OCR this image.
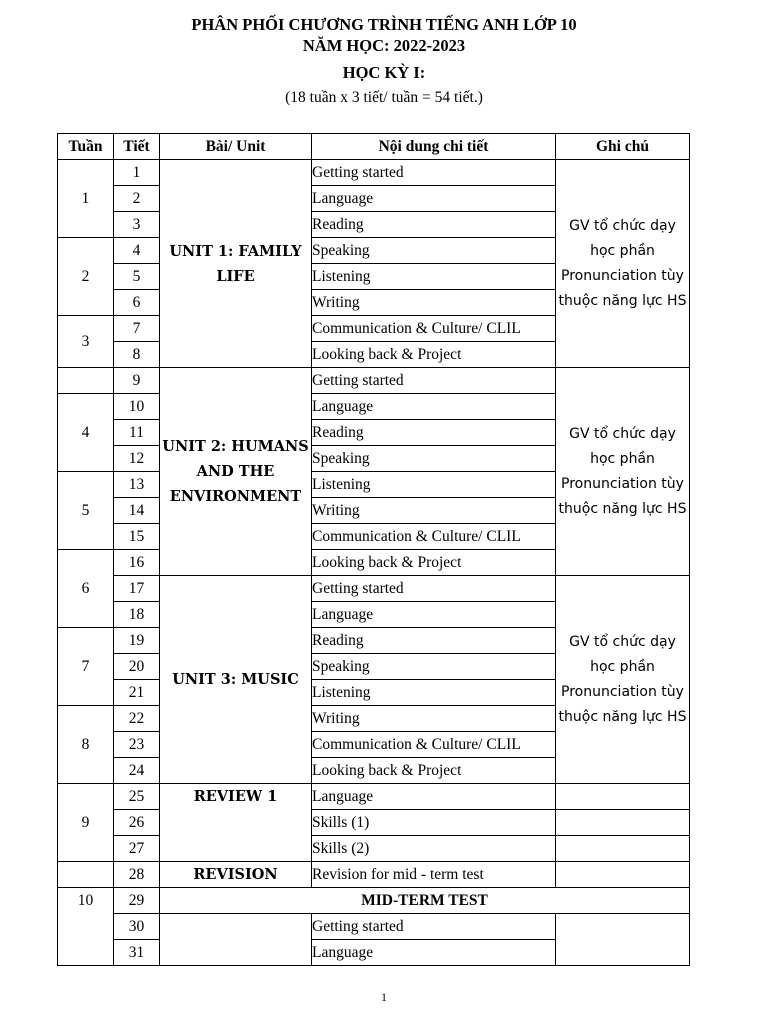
PHÂN PHỐI CHƯƠNG TRÌNH TIẾNG ANH LỚP 10
NĂM HỌC: 2022-2023
HỌC KỲ I:
(18 tuần x 3 tiết/ tuần = 54 tiết.)
Tuần	Tiết	Bài/ Unit	Nội dung chi tiết	Ghi chú
1	1	UNIT 1: FAMILY LIFE	Getting started	GV tổ chức dạy học phần Pronunciation tùy thuộc năng lực HS
	2		Language	
	3		Reading	
2	4		Speaking	
	5		Listening	
	6		Writing	
3	7		Communication & Culture/ CLIL	
	8		Looking back & Project	
	9	UNIT 2: HUMANS AND THE ENVIRONMENT	Getting started	GV tổ chức dạy học phần Pronunciation tùy thuộc năng lực HS
4	10		Language	
	11		Reading	
	12		Speaking	
5	13		Listening	
	14		Writing	
	15		Communication & Culture/ CLIL	
6	16		Looking back & Project	
	17	UNIT 3: MUSIC	Getting started	GV tổ chức dạy học phần Pronunciation tùy thuộc năng lực HS
	18		Language	
7	19		Reading	
	20		Speaking	
	21		Listening	
8	22		Writing	
	23		Communication & Culture/ CLIL	
	24		Looking back & Project	
9	25	REVIEW 1	Language	
	26		Skills (1)	
	27		Skills (2)	
	28	REVISION	Revision for mid - term test	
10	29	MID-TERM TEST		
	30		Getting started	
	31		Language	
1
